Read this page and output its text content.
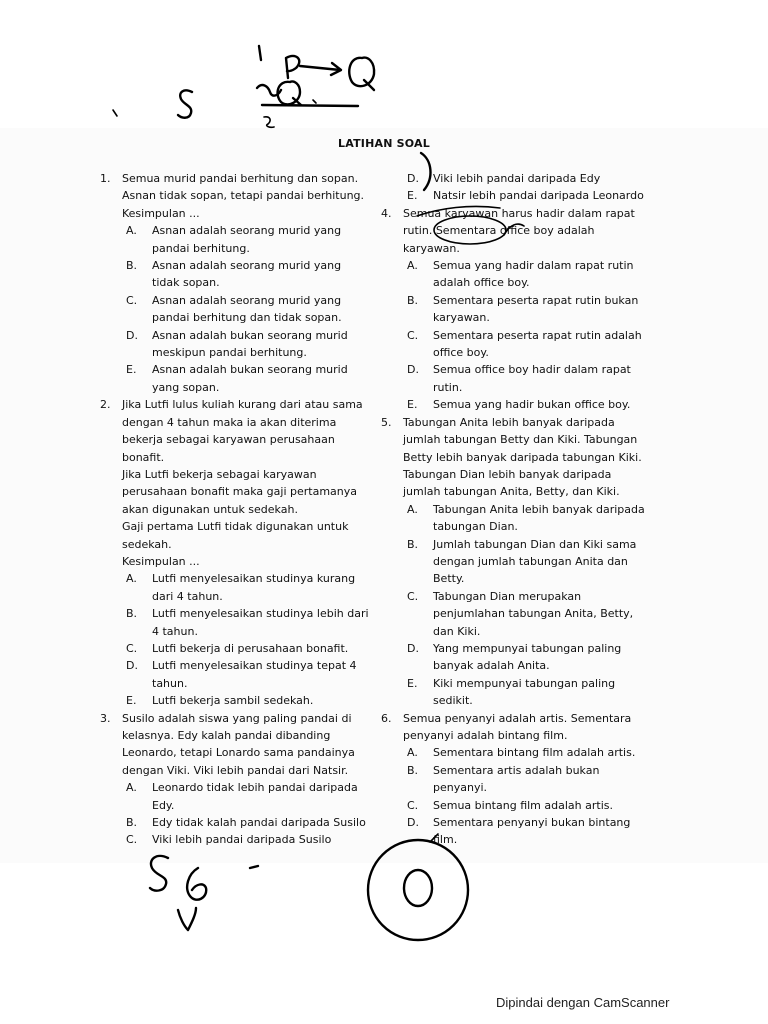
LATIHAN SOAL
1.	Semua murid pandai berhitung dan sopan.

Asnan tidak sopan, tetapi pandai berhitung.

Kesimpulan ...

A.	Asnan adalah seorang murid yang pandai berhitung.
B.	Asnan adalah seorang murid yang tidak sopan.
C.	Asnan adalah seorang murid yang pandai berhitung dan tidak sopan.
D.	Asnan adalah bukan seorang murid meskipun pandai berhitung.
E.	Asnan adalah bukan seorang murid yang sopan.
2.	Jika Lutfi lulus kuliah kurang dari atau sama dengan 4 tahun maka ia akan diterima bekerja sebagai karyawan perusahaan bonafit.

Jika Lutfi bekerja sebagai karyawan perusahaan bonafit maka gaji pertamanya akan digunakan untuk sedekah.

Gaji pertama Lutfi tidak digunakan untuk sedekah.

Kesimpulan ...

A.	Lutfi menyelesaikan studinya kurang dari 4 tahun.
B.	Lutfi menyelesaikan studinya lebih dari 4 tahun.
C.	Lutfi bekerja di perusahaan bonafit.
D.	Lutfi menyelesaikan studinya tepat 4 tahun.
E.	Lutfi bekerja sambil sedekah.
3.	Susilo adalah siswa yang paling pandai di kelasnya. Edy kalah pandai dibanding Leonardo, tetapi Lonardo sama pandainya dengan Viki. Viki lebih pandai dari Natsir.

A.	Leonardo tidak lebih pandai daripada Edy.
B.	Edy tidak kalah pandai daripada Susilo
C.	Viki lebih pandai daripada Susilo
D.	Viki lebih pandai daripada Edy
E.	Natsir lebih pandai daripada Leonardo
4.	Semua karyawan harus hadir dalam rapat rutin. Sementara office boy adalah karyawan.

A.	Semua yang hadir dalam rapat rutin adalah office boy.
B.	Sementara peserta rapat rutin bukan karyawan.
C.	Sementara peserta rapat rutin adalah office boy.
D.	Semua office boy hadir dalam rapat rutin.
E.	Semua yang hadir bukan office boy.
5.	Tabungan Anita lebih banyak daripada jumlah tabungan Betty dan Kiki. Tabungan Betty lebih banyak daripada tabungan Kiki. Tabungan Dian lebih banyak daripada jumlah tabungan Anita, Betty, dan Kiki.

A.	Tabungan Anita lebih banyak daripada tabungan Dian.
B.	Jumlah tabungan Dian dan Kiki sama dengan jumlah tabungan Anita dan Betty.
C.	Tabungan Dian merupakan penjumlahan tabungan Anita, Betty, dan Kiki.
D.	Yang mempunyai tabungan paling banyak adalah Anita.
E.	Kiki mempunyai tabungan paling sedikit.
6.	Semua penyanyi adalah artis. Sementara penyanyi adalah bintang film.

A.	Sementara bintang film adalah artis.
B.	Sementara artis adalah bukan penyanyi.
C.	Semua bintang film adalah artis.
D.	Sementara penyanyi bukan bintang film.
Dipindai dengan CamScanner
